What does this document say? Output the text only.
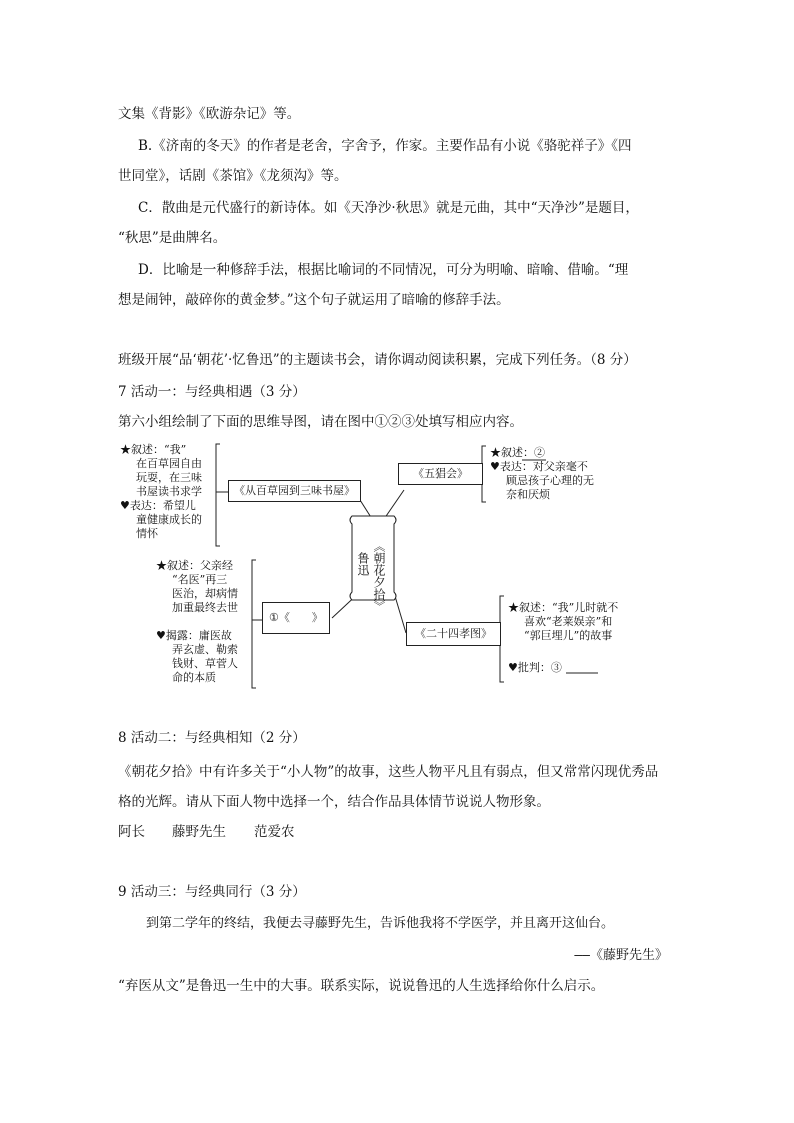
文集《背影》《欧游杂记》等。
B.《济南的冬天》的作者是老舍，字舍予，作家。主要作品有小说《骆驼祥子》《四
世同堂》，话剧《茶馆》《龙须沟》等。
C．散曲是元代盛行的新诗体。如《天净沙·秋思》就是元曲，其中“天净沙”是题目，
“秋思”是曲牌名。
D．比喻是一种修辞手法，根据比喻词的不同情况，可分为明喻、暗喻、借喻。“理
想是闹钟，敲碎你的黄金梦。”这个句子就运用了暗喻的修辞手法。
班级开展“品‘朝花’·忆鲁迅”的主题读书会，请你调动阅读积累，完成下列任务。（8 分）
7 活动一：与经典相遇（3 分）
第六小组绘制了下面的思维导图，请在图中①②③处填写相应内容。
《从百草园到三味书屋》
《五猖会》
①《　　》
《二十四孝图》
《朝花夕拾》
鲁迅
★叙述：“我”
在百草园自由
玩耍，在三味
书屋读书求学
♥表达：希望儿
童健康成长的
情怀
★叙述：②
♥表达：对父亲毫不
顾忌孩子心理的无
奈和厌烦
★叙述：父亲经
“名医”再三
医治，却病情
加重最终去世
♥揭露：庸医故
弄玄虚、勒索
钱财、草菅人
命的本质
★叙述：“我”儿时就不
喜欢“老莱娱亲”和
“郭巨埋儿”的故事
♥批判：③
8 活动二：与经典相知（2 分）
《朝花夕拾》中有许多关于“小人物”的故事，这些人物平凡且有弱点，但又常常闪现优秀品
格的光辉。请从下面人物中选择一个，结合作品具体情节说说人物形象。
阿长 藤野先生 范爱农
9 活动三：与经典同行（3 分）
到第二学年的终结，我便去寻藤野先生，告诉他我将不学医学，并且离开这仙台。
——《藤野先生》
“弃医从文”是鲁迅一生中的大事。联系实际，说说鲁迅的人生选择给你什么启示。
